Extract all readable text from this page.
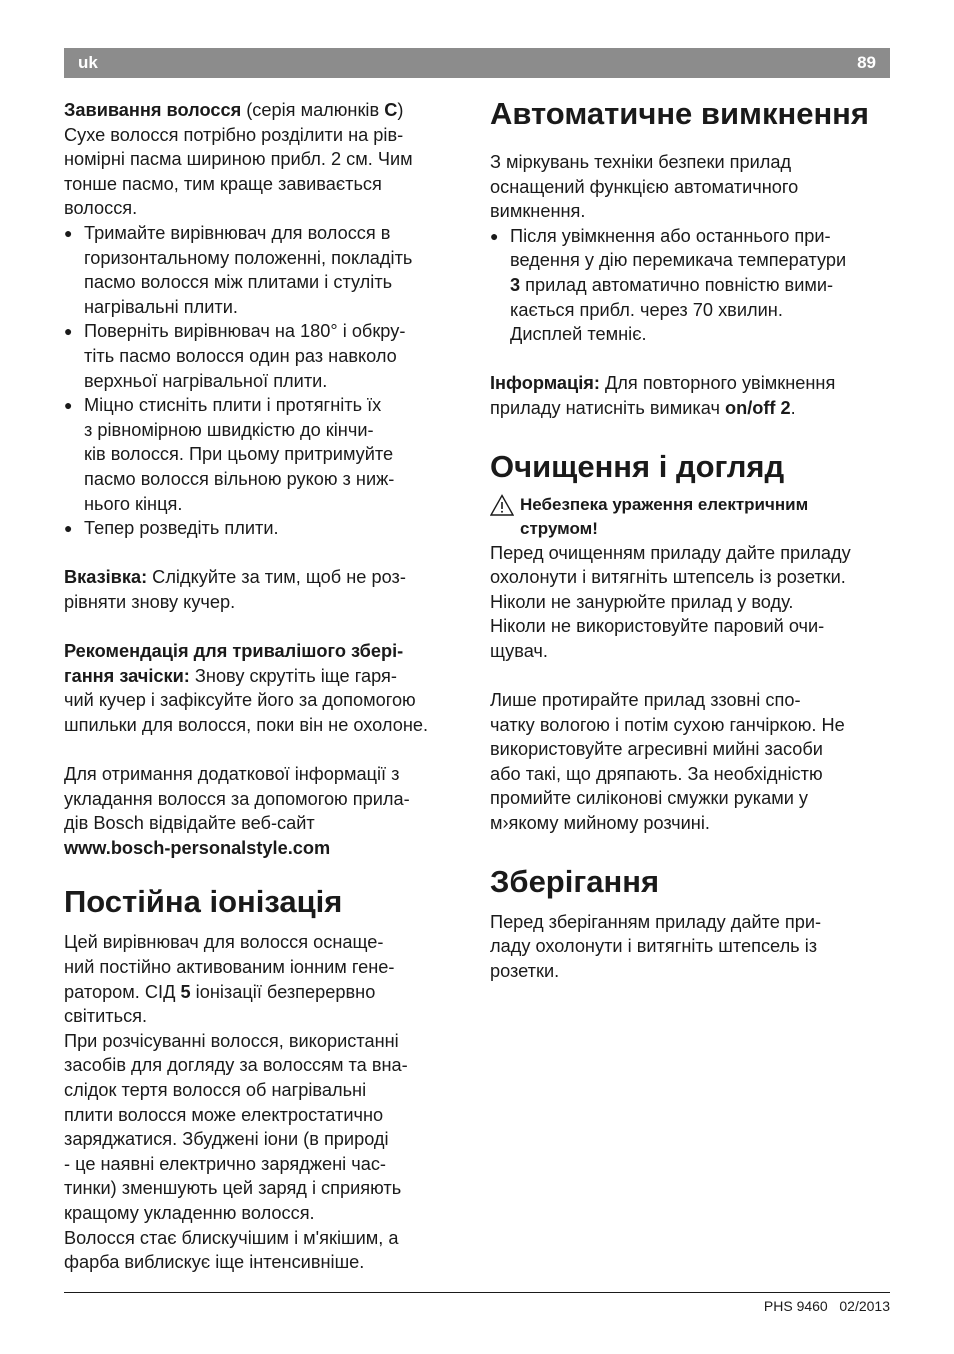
uk	89

Завивання волосся (серія малюнків C)

Сухе волосся потрібно розділити на рів-

номірні пасма шириною прибл. 2 см. Чим

тонше пасмо, тим краще завивається

волосся.

● Тримайте вирівнювач для волосся в

горизонтальному положенні, покладіть

пасмо волосся між плитами і стуліть

нагрівальні плити.

● Поверніть вирівнювач на 180° і обкру-

тіть пасмо волосся один раз навколо

верхньої нагрівальної плити.

● Міцно стисніть плити і протягніть їх

з рівномірною швидкістю до кінчи-

ків волосся. При цьому притримуйте

пасмо волосся вільною рукою з ниж-

нього кінця.

● Тепер розведіть плити.

Вказівка: Слідкуйте за тим, щоб не роз-

рівняти знову кучер.

Рекомендація для тривалішого збері-

гання зачіски: Знову скрутіть іще гаря-

чий кучер і зафіксуйте його за допомогою

шпильки для волосся, поки він не охолоне.

Для отримання додаткової інформації з

укладання волосся за допомогою прила-

дів Bosch відвідайте веб-сайт

www.bosch-personalstyle.com

Постійна іонізація

Цей вирівнювач для волосся оснаще-

ний постійно активованим іонним гене-

ратором. СІД 5 іонізації безперервно

світиться.

При розчісуванні волосся, використанні

засобів для догляду за волоссям та вна-

слідок тертя волосся об нагрівальні

плити волосся може електростатично

заряджатися. Збуджені іони (в природі

- це наявні електрично заряджені час-

тинки) зменшують цей заряд і сприяють

кращому укладенню волосся.

Волосся стає блискучішим і м'якішим, а

фарба виблискує іще інтенсивніше.

Автоматичне вимкнення

З міркувань техніки безпеки прилад

оснащений функцією автоматичного

вимкнення.

● Після увімкнення або останнього при-

ведення у дію перемикача температури

3 прилад автоматично повністю вими-

кається прибл. через 70 хвилин.

Дисплей темніє.

Інформація: Для повторного увімкнення

приладу натисніть вимикач on/off 2.

Очищення і догляд
Небезпека ураження електричним
струмом!

Перед очищенням приладу дайте приладу

охолонути і витягніть штепсель із розетки.

Ніколи не занурюйте прилад у воду.

Ніколи не використовуйте паровий очи-

щувач.

Лише протирайте прилад ззовні спо-

чатку вологою і потім сухою ганчіркою. Не

використовуйте агресивні мийні засоби

або такі, що дряпають. За необхідністю

промийте силіконові смужки руками у

м›якому мийному розчині.

Зберігання

Перед зберіганням приладу дайте при-

ладу охолонути і витягніть штепсель із

розетки.

PHS 9460 02/2013
